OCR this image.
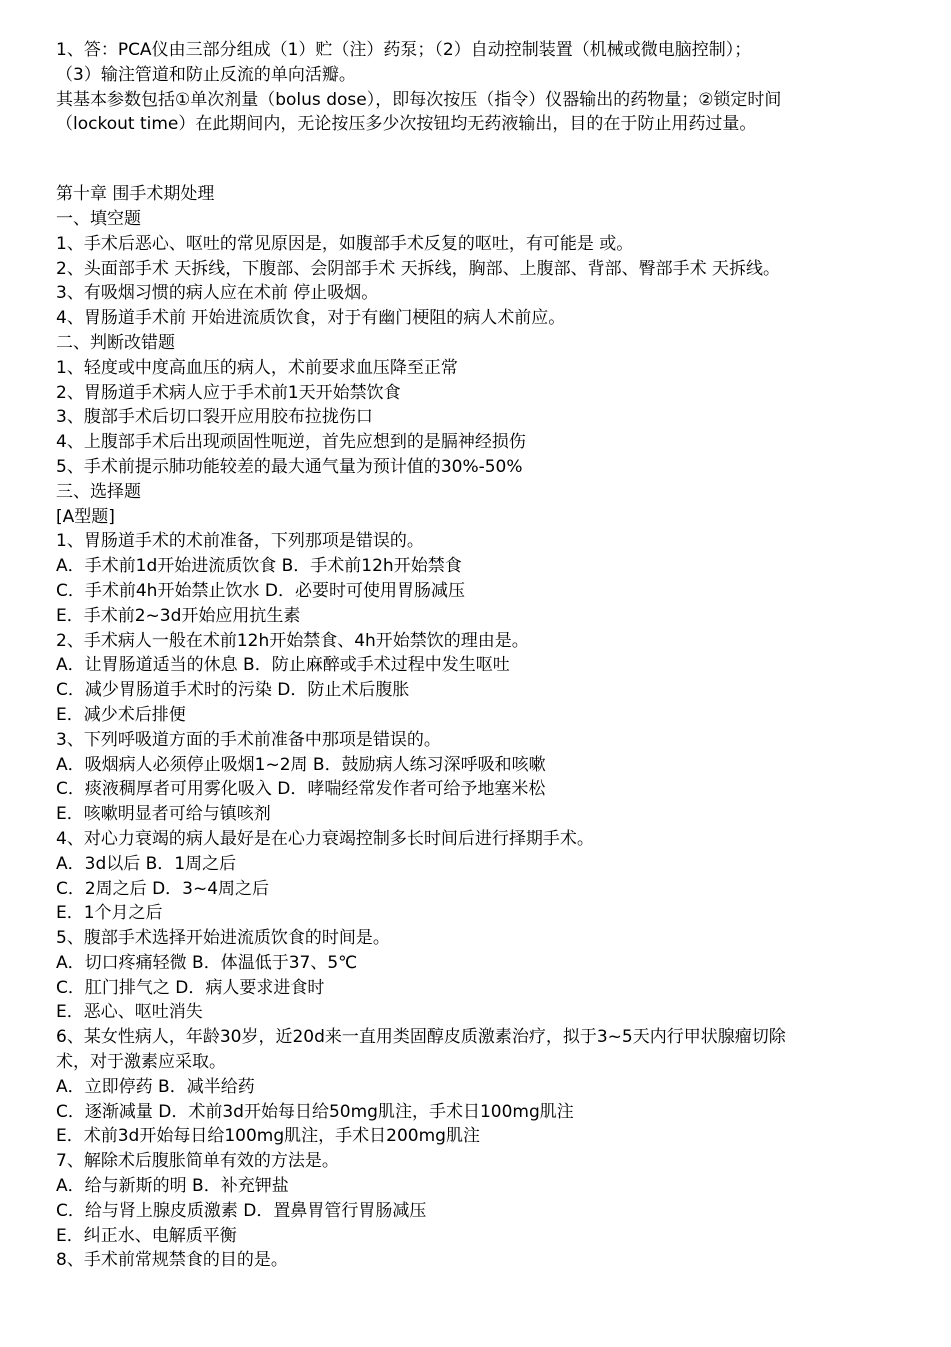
1、答：PCA仪由三部分组成（1）贮（注）药泵；（2）自动控制装置（机械或微电脑控制）；
（3）输注管道和防止反流的单向活瓣。
其基本参数包括①单次剂量（bolus dose），即每次按压（指令）仪器输出的药物量；②锁定时间
（lockout time）在此期间内，无论按压多少次按钮均无药液输出，目的在于防止用药过量。
第十章 围手术期处理
一、填空题
1、手术后恶心、呕吐的常见原因是，如腹部手术反复的呕吐，有可能是 或。
2、头面部手术 天拆线，下腹部、会阴部手术 天拆线，胸部、上腹部、背部、臀部手术 天拆线。
3、有吸烟习惯的病人应在术前 停止吸烟。
4、胃肠道手术前 开始进流质饮食，对于有幽门梗阻的病人术前应。
二、判断改错题
1、轻度或中度高血压的病人，术前要求血压降至正常
2、胃肠道手术病人应于手术前1天开始禁饮食
3、腹部手术后切口裂开应用胶布拉拢伤口
4、上腹部手术后出现顽固性呃逆，首先应想到的是膈神经损伤
5、手术前提示肺功能较差的最大通气量为预计值的30%-50%
三、选择题
[A型题]
1、胃肠道手术的术前准备，下列那项是错误的。
A．手术前1d开始进流质饮食 B．手术前12h开始禁食
C．手术前4h开始禁止饮水 D．必要时可使用胃肠减压
E．手术前2~3d开始应用抗生素
2、手术病人一般在术前12h开始禁食、4h开始禁饮的理由是。
A．让胃肠道适当的休息 B．防止麻醉或手术过程中发生呕吐
C．减少胃肠道手术时的污染 D．防止术后腹胀
E．减少术后排便
3、下列呼吸道方面的手术前准备中那项是错误的。
A．吸烟病人必须停止吸烟1~2周 B．鼓励病人练习深呼吸和咳嗽
C．痰液稠厚者可用雾化吸入 D．哮喘经常发作者可给予地塞米松
E．咳嗽明显者可给与镇咳剂
4、对心力衰竭的病人最好是在心力衰竭控制多长时间后进行择期手术。
A．3d以后 B．1周之后
C．2周之后 D．3~4周之后
E．1个月之后
5、腹部手术选择开始进流质饮食的时间是。
A．切口疼痛轻微 B．体温低于37、5℃
C．肛门排气之 D．病人要求进食时
E．恶心、呕吐消失
6、某女性病人，年龄30岁，近20d来一直用类固醇皮质激素治疗，拟于3~5天内行甲状腺瘤切除
术，对于激素应采取。
A．立即停药 B．减半给药
C．逐渐减量 D．术前3d开始每日给50mg肌注，手术日100mg肌注
E．术前3d开始每日给100mg肌注，手术日200mg肌注
7、解除术后腹胀简单有效的方法是。
A．给与新斯的明 B．补充钾盐
C．给与肾上腺皮质激素 D．置鼻胃管行胃肠减压
E．纠正水、电解质平衡
8、手术前常规禁食的目的是。
